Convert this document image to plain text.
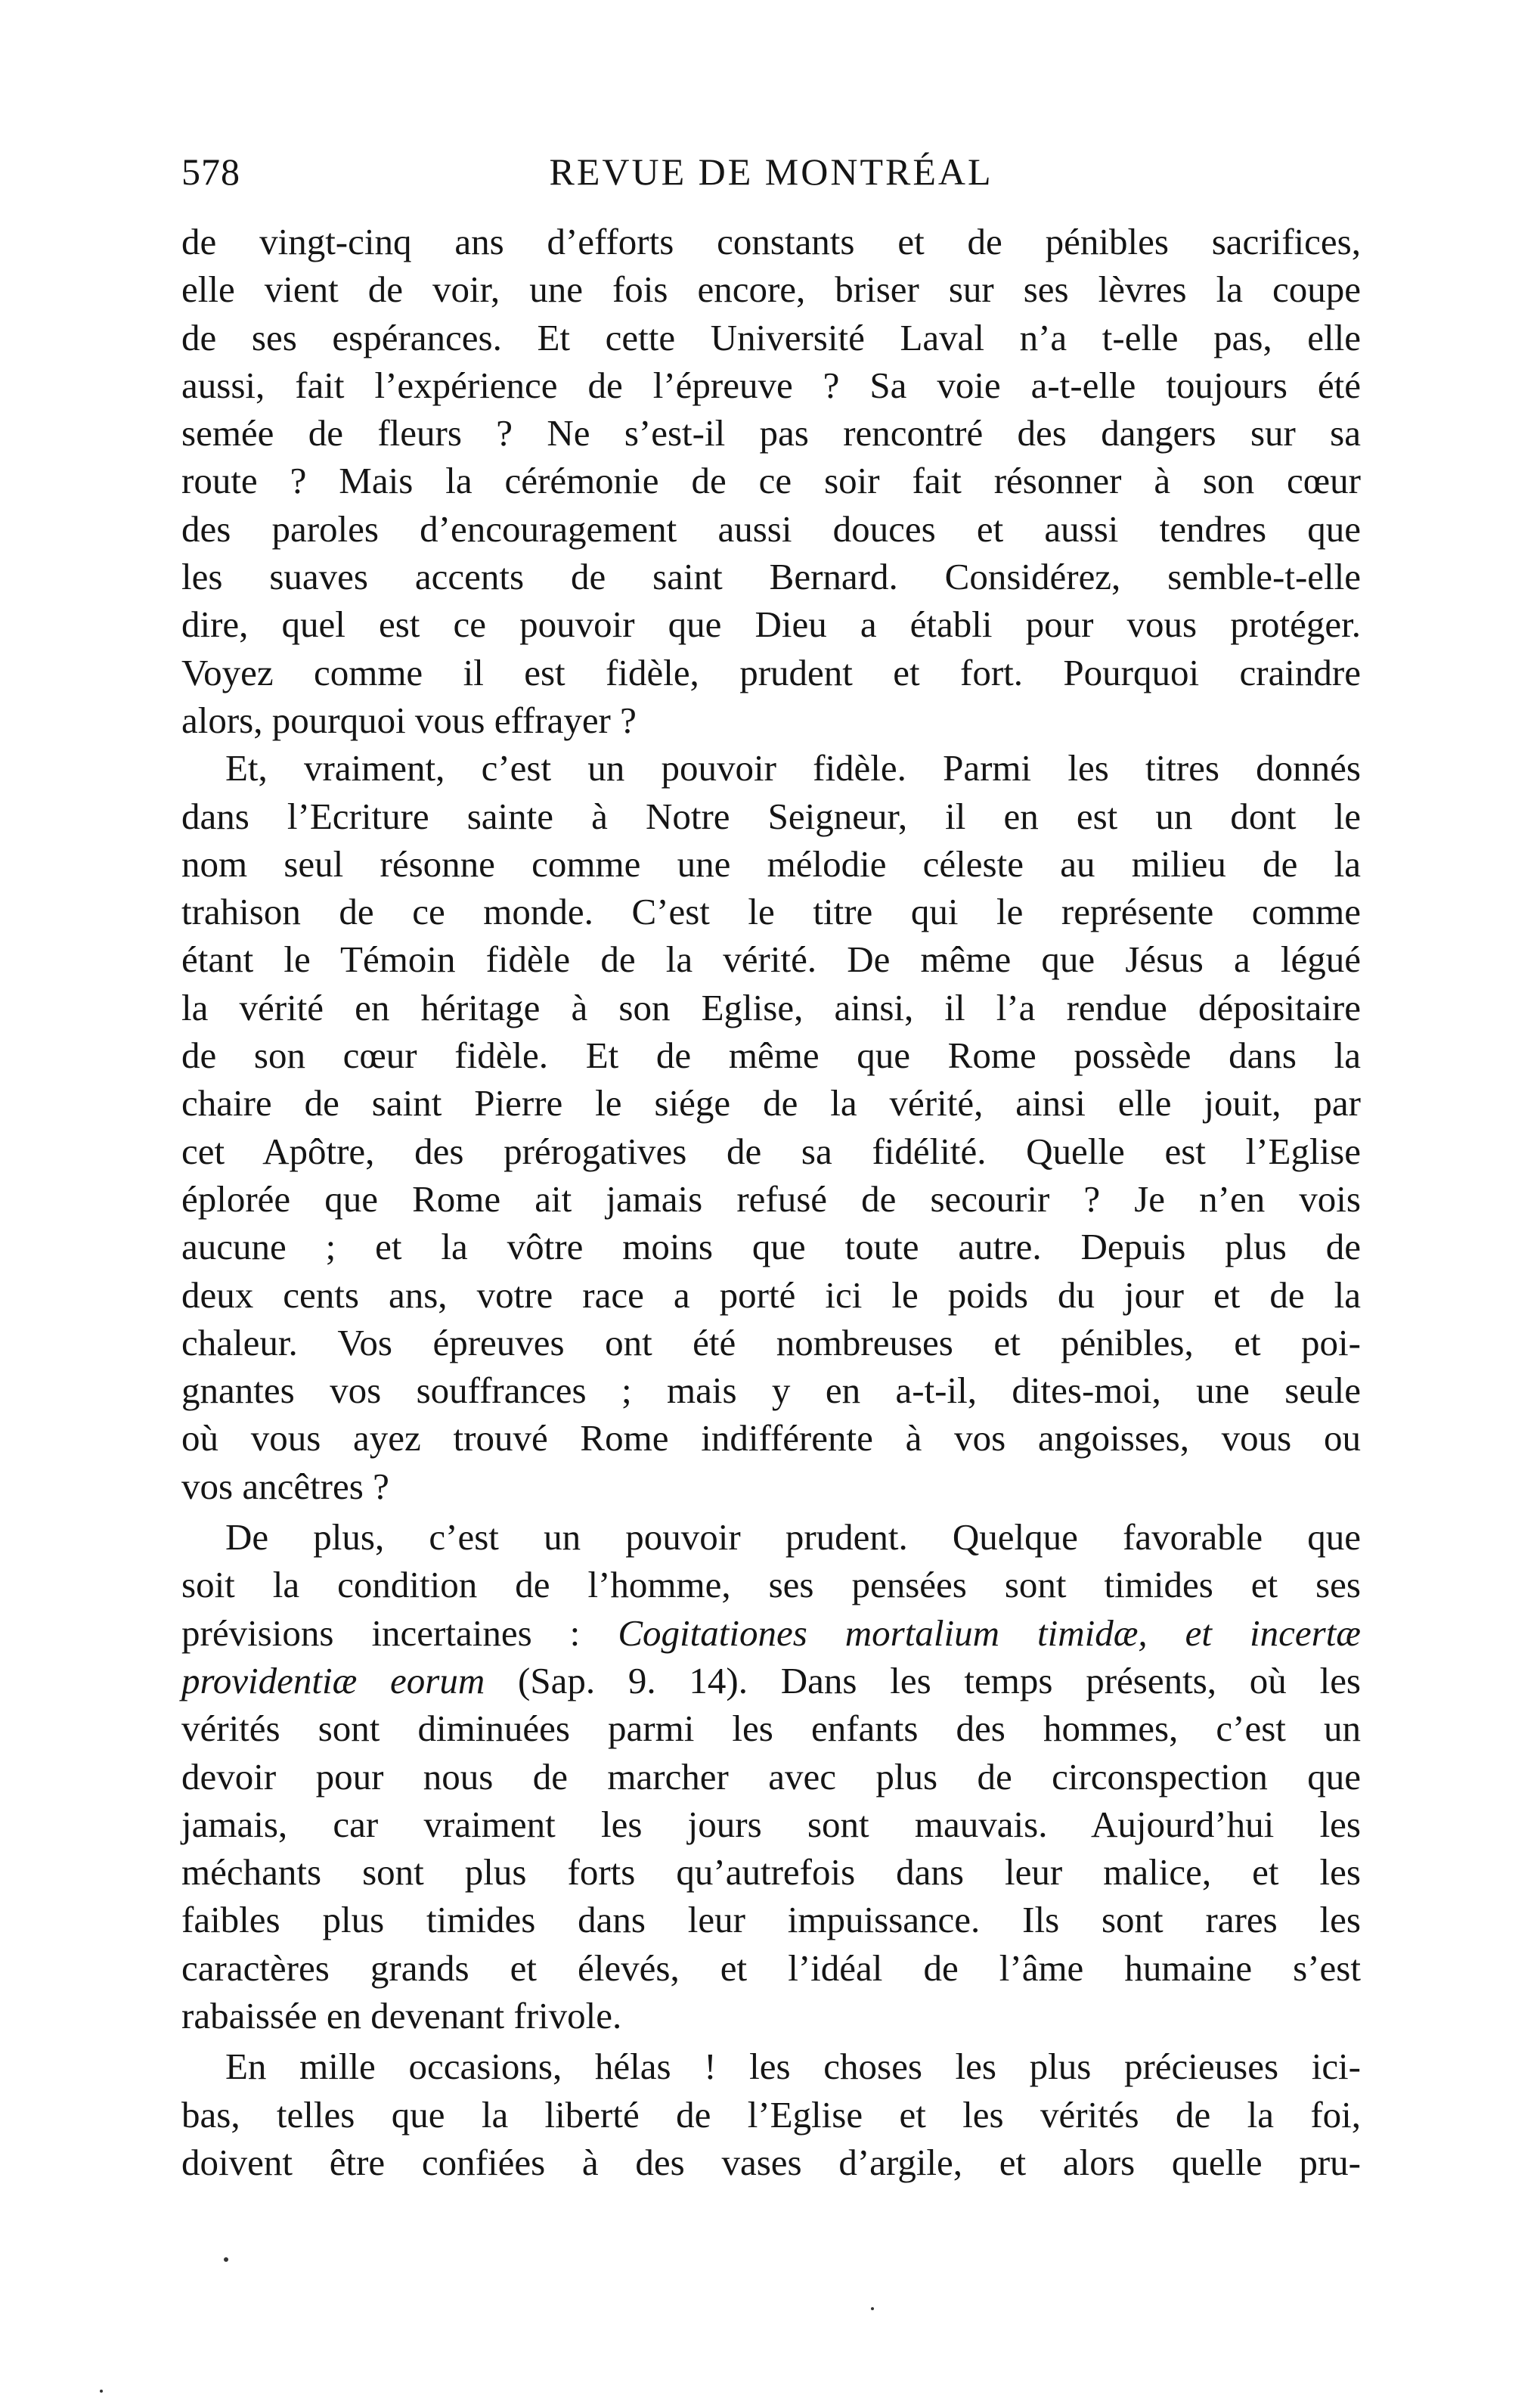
578	REVUE DE MONTRÉAL
de vingt-cinq ans d’efforts constants et de pénibles sacrifices,
elle vient de voir, une fois encore, briser sur ses lèvres la coupe
de ses espérances. Et cette Université Laval n’a t-elle pas, elle
aussi, fait l’expérience de l’épreuve ? Sa voie a-t-elle toujours été
semée de fleurs ? Ne s’est-il pas rencontré des dangers sur sa
route ? Mais la cérémonie de ce soir fait résonner à son cœur
des paroles d’encouragement aussi douces et aussi tendres que
les suaves accents de saint Bernard. Considérez, semble-t-elle
dire, quel est ce pouvoir que Dieu a établi pour vous protéger.
Voyez comme il est fidèle, prudent et fort. Pourquoi craindre
alors, pourquoi vous effrayer ?
Et, vraiment, c’est un pouvoir fidèle. Parmi les titres donnés
dans l’Ecriture sainte à Notre Seigneur, il en est un dont le
nom seul résonne comme une mélodie céleste au milieu de la
trahison de ce monde. C’est le titre qui le représente comme
étant le Témoin fidèle de la vérité. De même que Jésus a légué
la vérité en héritage à son Eglise, ainsi, il l’a rendue dépositaire
de son cœur fidèle. Et de même que Rome possède dans la
chaire de saint Pierre le siége de la vérité, ainsi elle jouit, par
cet Apôtre, des prérogatives de sa fidélité. Quelle est l’Eglise
éplorée que Rome ait jamais refusé de secourir ? Je n’en vois
aucune ; et la vôtre moins que toute autre. Depuis plus de
deux cents ans, votre race a porté ici le poids du jour et de la
chaleur. Vos épreuves ont été nombreuses et pénibles, et poi-
gnantes vos souffrances ; mais y en a-t-il, dites-moi, une seule
où vous ayez trouvé Rome indifférente à vos angoisses, vous ou
vos ancêtres ?
De plus, c’est un pouvoir prudent. Quelque favorable que
soit la condition de l’homme, ses pensées sont timides et ses
prévisions incertaines : Cogitationes mortalium timidæ, et incertæ
providentiæ eorum (Sap. 9. 14). Dans les temps présents, où les
vérités sont diminuées parmi les enfants des hommes, c’est un
devoir pour nous de marcher avec plus de circonspection que
jamais, car vraiment les jours sont mauvais. Aujourd’hui les
méchants sont plus forts qu’autrefois dans leur malice, et les
faibles plus timides dans leur impuissance. Ils sont rares les
caractères grands et élevés, et l’idéal de l’âme humaine s’est
rabaissée en devenant frivole.
En mille occasions, hélas ! les choses les plus précieuses ici-
bas, telles que la liberté de l’Eglise et les vérités de la foi,
doivent être confiées à des vases d’argile, et alors quelle pru-
